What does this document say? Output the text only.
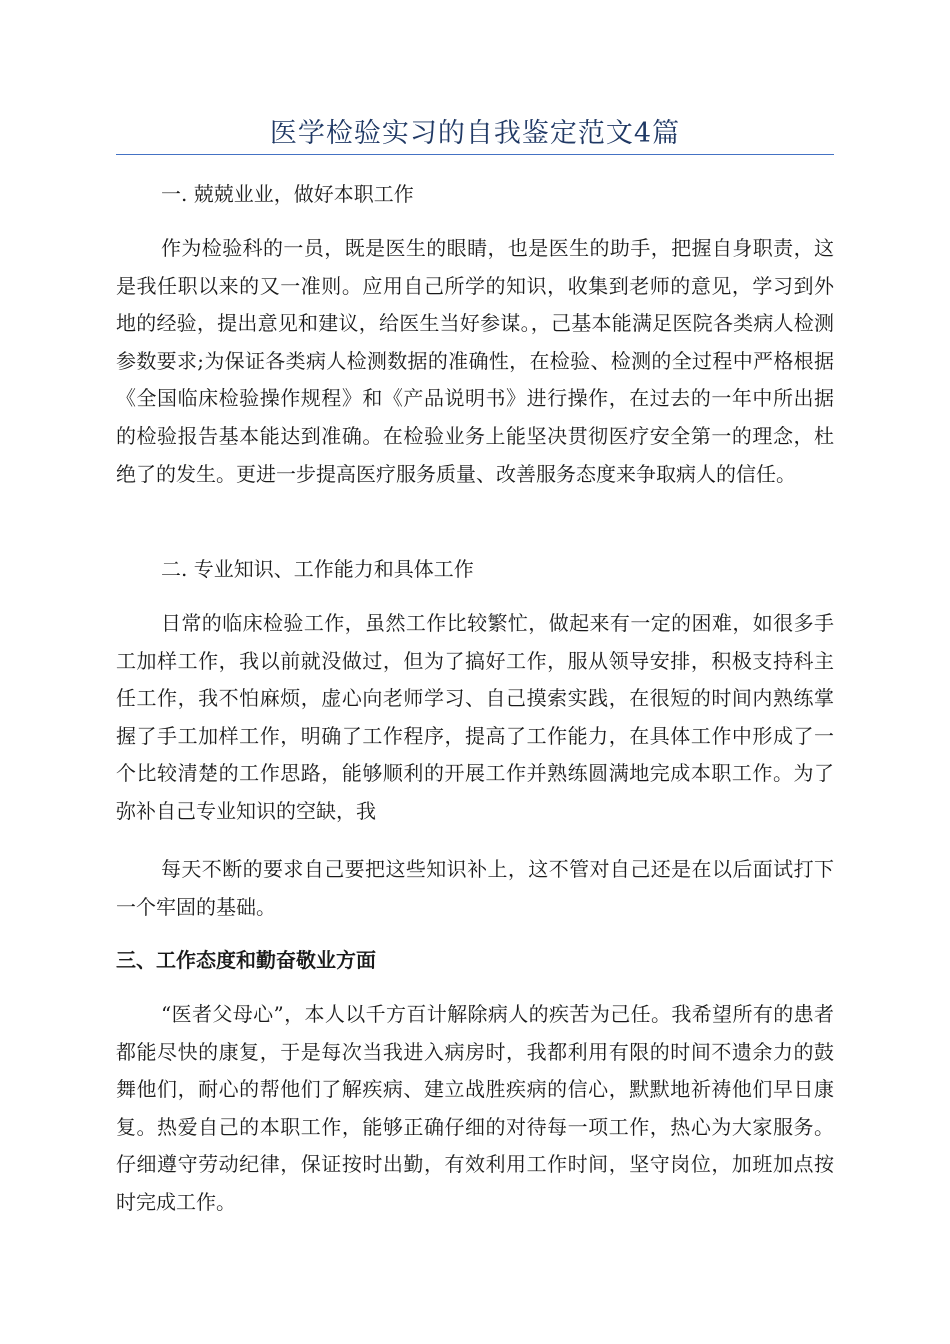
医学检验实习的自我鉴定范文4篇
一. 兢兢业业，做好本职工作
作为检验科的一员，既是医生的眼睛，也是医生的助手，把握自身职责，这是我任职以来的又一准则。应用自己所学的知识，收集到老师的意见，学习到外地的经验，提出意见和建议，给医生当好参谋。，己基本能满足医院各类病人检测参数要求;为保证各类病人检测数据的准确性，在检验、检测的全过程中严格根据《全国临床检验操作规程》和《产品说明书》进行操作，在过去的一年中所出据的检验报告基本能达到准确。在检验业务上能坚决贯彻医疗安全第一的理念，杜绝了的发生。更进一步提高医疗服务质量、改善服务态度来争取病人的信任。
二. 专业知识、工作能力和具体工作
日常的临床检验工作，虽然工作比较繁忙，做起来有一定的困难，如很多手工加样工作，我以前就没做过，但为了搞好工作，服从领导安排，积极支持科主任工作，我不怕麻烦，虚心向老师学习、自己摸索实践，在很短的时间内熟练掌握了手工加样工作，明确了工作程序，提高了工作能力，在具体工作中形成了一个比较清楚的工作思路，能够顺利的开展工作并熟练圆满地完成本职工作。为了弥补自己专业知识的空缺，我
每天不断的要求自己要把这些知识补上，这不管对自己还是在以后面试打下一个牢固的基础。
三、工作态度和勤奋敬业方面
“医者父母心”，本人以千方百计解除病人的疾苦为己任。我希望所有的患者都能尽快的康复，于是每次当我进入病房时，我都利用有限的时间不遗余力的鼓舞他们，耐心的帮他们了解疾病、建立战胜疾病的信心，默默地祈祷他们早日康复。热爱自己的本职工作，能够正确仔细的对待每一项工作，热心为大家服务。仔细遵守劳动纪律，保证按时出勤，有效利用工作时间，坚守岗位，加班加点按时完成工作。
